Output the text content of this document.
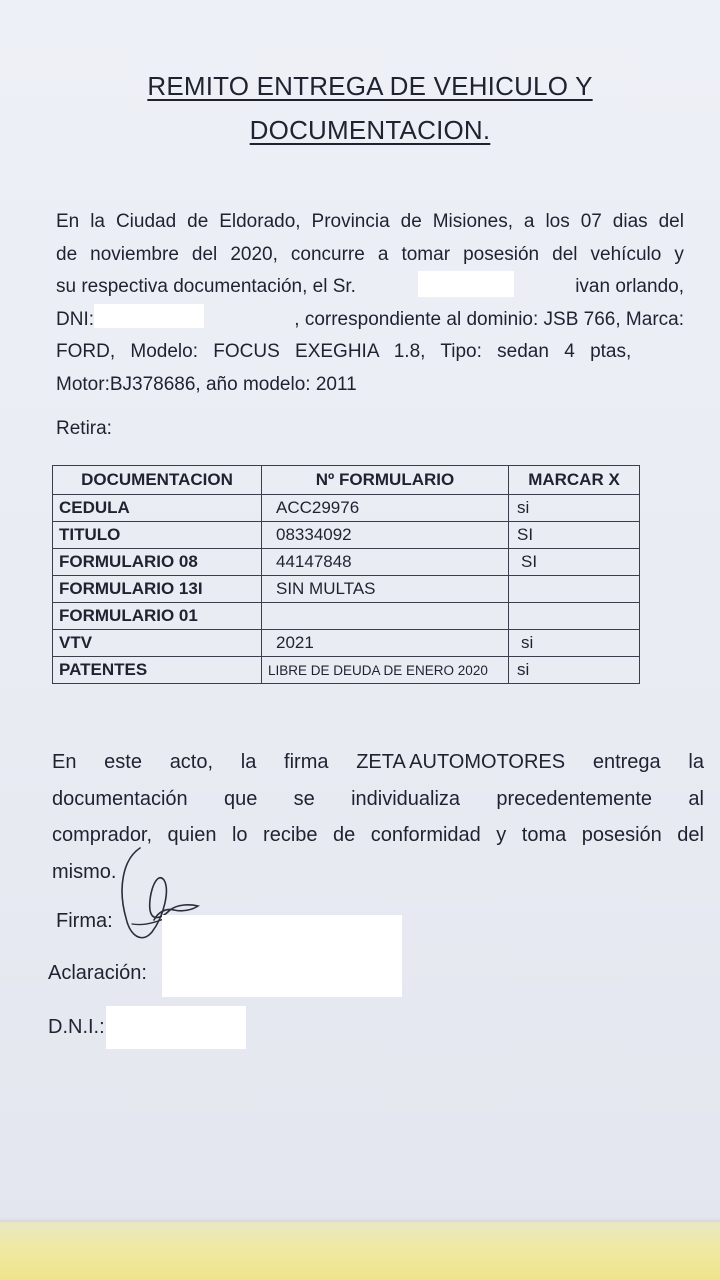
REMITO ENTREGA DE VEHICULO Y
DOCUMENTACION.
En la Ciudad de Eldorado, Provincia de Misiones, a los 07 dias del
de noviembre del 2020, concurre a tomar posesión del vehículo y
su respectiva documentación, el Sr.	ivan orlando,
DNI:	, correspondiente al dominio: JSB 766, Marca:
FORD, Modelo: FOCUS EXEGHIA 1.8, Tipo: sedan 4 ptas,
Motor:BJ378686, año modelo: 2011
Retira:
DOCUMENTACION	Nº FORMULARIO	MARCAR X
CEDULA	ACC29976	si
TITULO	08334092	SI
FORMULARIO 08	44147848	SI
FORMULARIO 13I	SIN MULTAS	
FORMULARIO 01		
VTV	2021	si
PATENTES	LIBRE DE DEUDA DE ENERO 2020	si
En este acto, la firma ZETA AUTOMOTORES entrega la
documentación que se individualiza precedentemente al
comprador, quien lo recibe de conformidad y toma posesión del
mismo.
Firma:
Aclaración:
D.N.I.:
